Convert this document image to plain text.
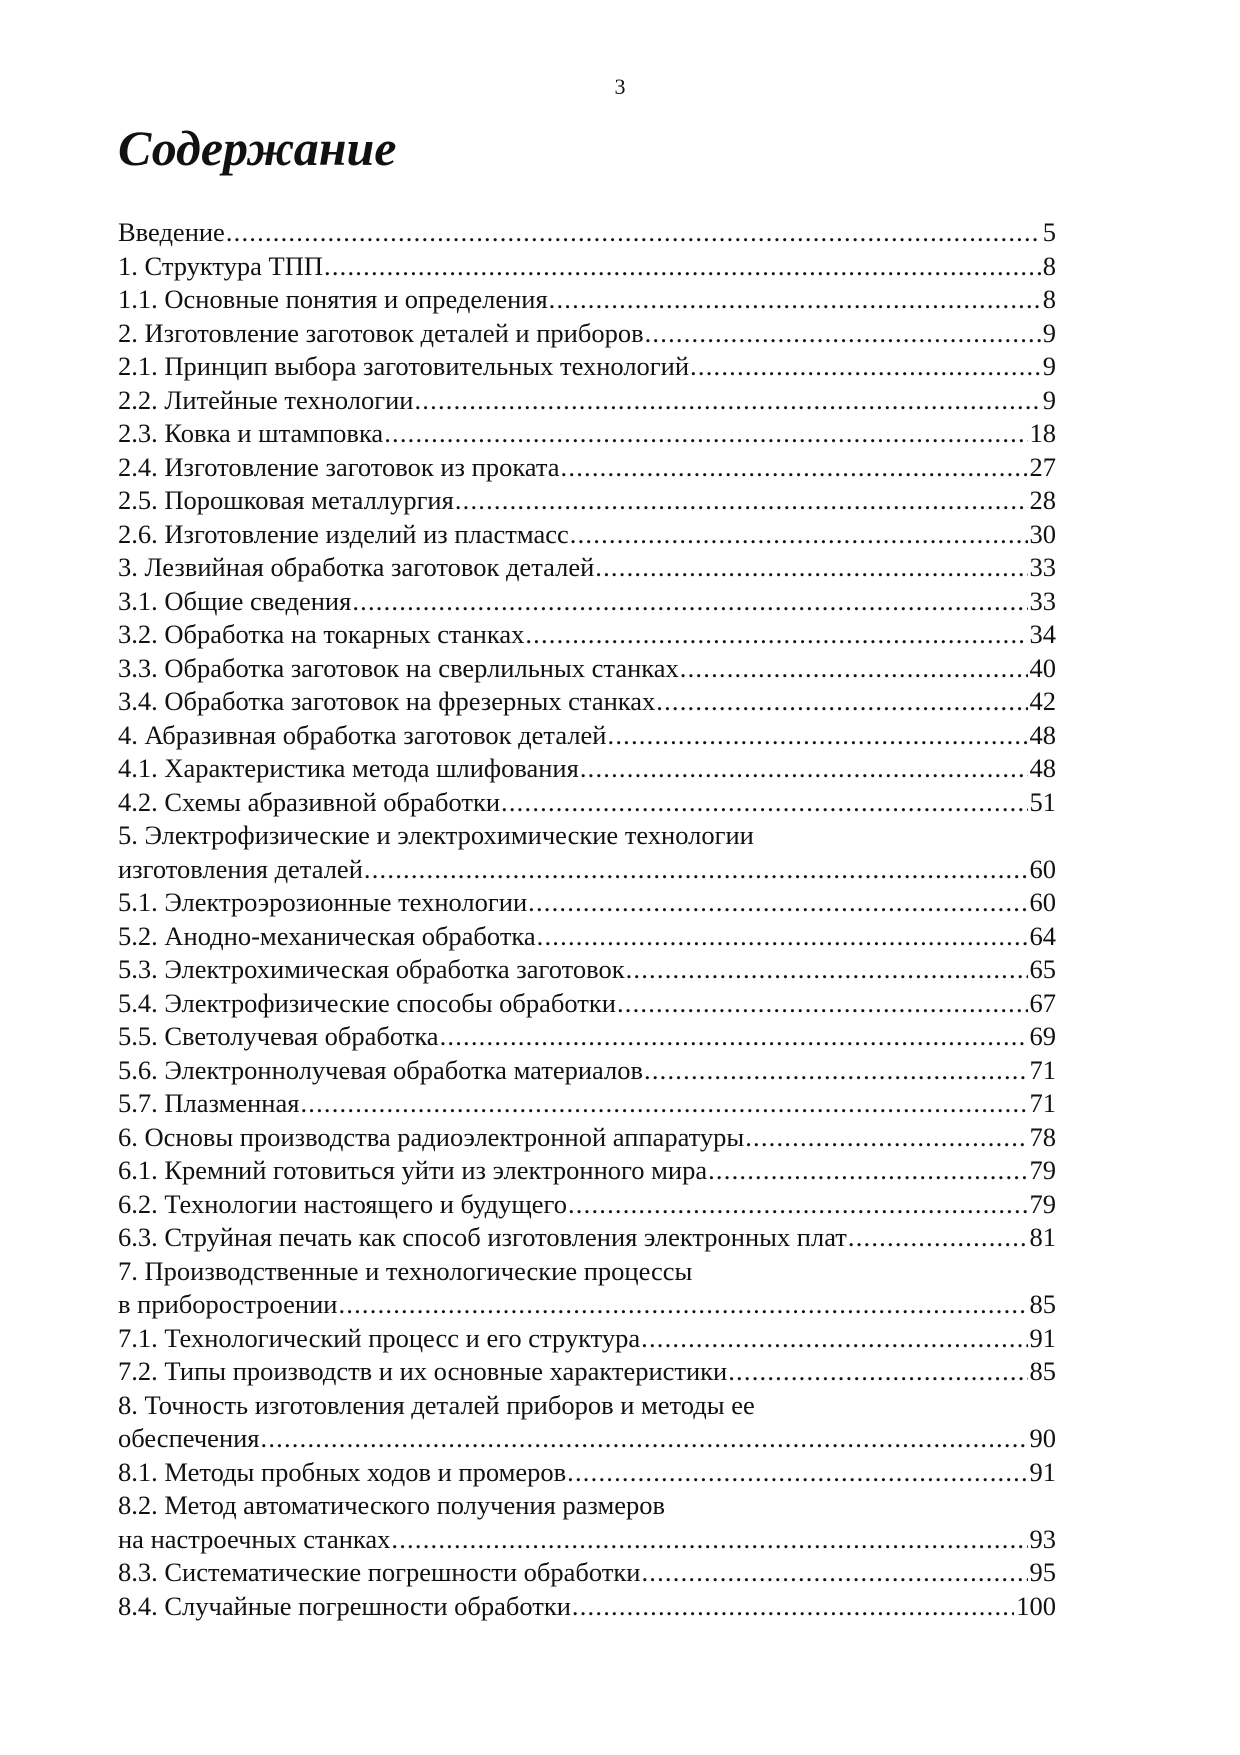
3
Содержание
Введение .....	5
1. Структура ТПП .....	8
1.1. Основные понятия и определения .....	8
2. Изготовление заготовок деталей и приборов .....	9
2.1. Принцип выбора заготовительных технологий .....	9
2.2. Литейные технологии .....	9
2.3. Ковка и штамповка .....	18
2.4. Изготовление заготовок из проката .....	27
2.5. Порошковая металлургия .....	28
2.6. Изготовление изделий из пластмасс .....	30
3. Лезвийная обработка заготовок деталей .....	33
3.1. Общие сведения .....	33
3.2. Обработка на токарных станках .....	34
3.3. Обработка заготовок на сверлильных станках .....	40
3.4. Обработка заготовок на фрезерных станках .....	42
4. Абразивная обработка заготовок деталей .....	48
4.1. Характеристика метода шлифования .....	48
4.2. Схемы абразивной обработки .....	51
5. Электрофизические и электрохимические технологии
изготовления деталей .....	60
5.1. Электроэрозионные технологии .....	60
5.2. Анодно-механическая обработка .....	64
5.3. Электрохимическая обработка заготовок .....	65
5.4. Электрофизические способы обработки .....	67
5.5. Светолучевая обработка .....	69
5.6. Электроннолучевая обработка материалов .....	71
5.7. Плазменная .....	71
6. Основы производства радиоэлектронной аппаратуры .....	78
6.1. Кремний готовиться уйти из электронного мира .....	79
6.2. Технологии настоящего и будущего .....	79
6.3. Струйная печать как способ изготовления электронных плат .....	81
7. Производственные и технологические процессы
в приборостроении .....	85
7.1. Технологический процесс и его структура .....	91
7.2. Типы производств и их основные характеристики .....	85
8. Точность изготовления деталей приборов и методы ее
обеспечения .....	90
8.1. Методы пробных ходов и промеров .....	91
8.2. Метод автоматического получения размеров
на настроечных станках .....	93
8.3. Систематические погрешности обработки .....	95
8.4. Случайные погрешности обработки .....	100
